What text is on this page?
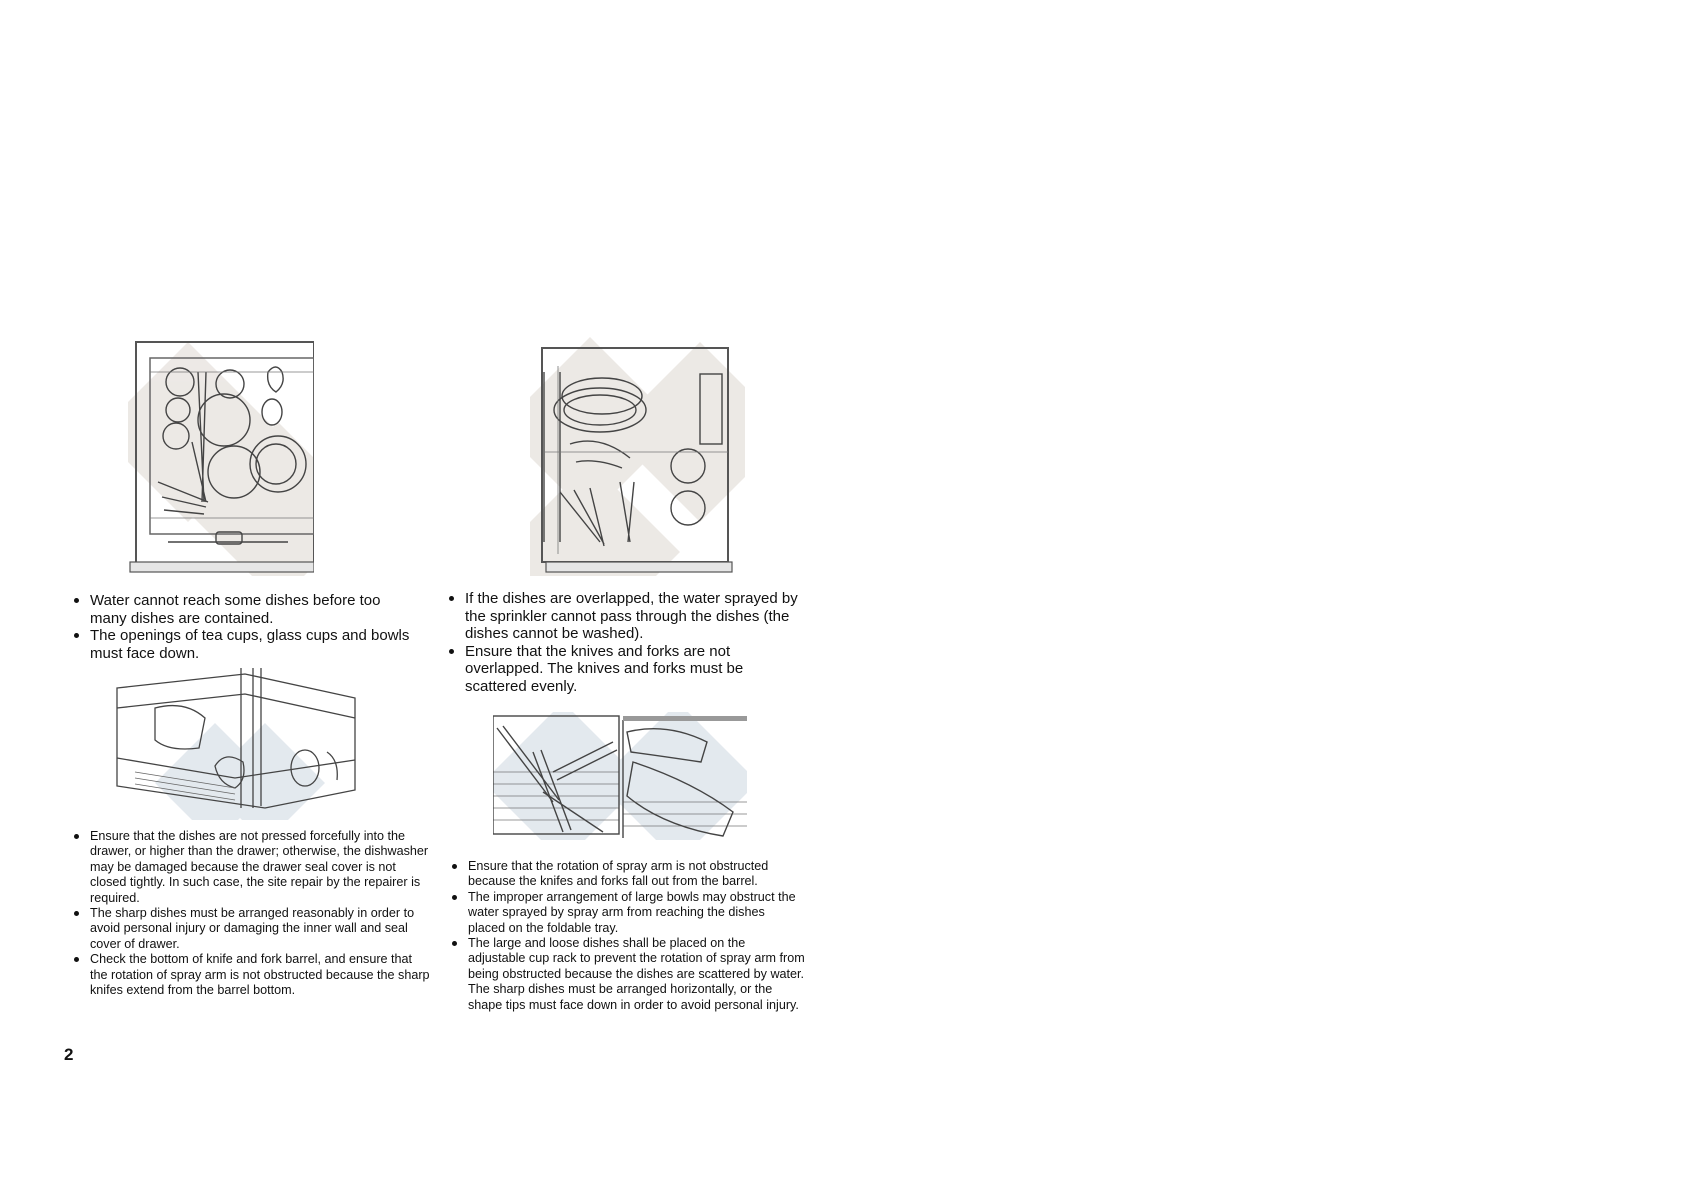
Water cannot reach some dishes before too many dishes are contained.
The openings of tea cups, glass cups and bowls must face down.
If the dishes are overlapped, the water sprayed by the sprinkler cannot pass through the dishes (the dishes cannot be washed).
Ensure that the knives and forks are not overlapped. The knives and forks must be scattered evenly.
Ensure that the dishes are not pressed forcefully into the drawer, or higher than the drawer; otherwise, the dishwasher may be damaged because the drawer seal cover is not closed tightly. In such case, the site repair by the repairer is required.
The sharp dishes must be arranged reasonably in order to avoid personal injury or damaging the inner wall and seal cover of drawer.
Check the bottom of knife and fork barrel, and ensure that the rotation of spray arm is not obstructed because the sharp knifes extend from the barrel bottom.
Ensure that the rotation of spray arm is not obstructed because the knifes and forks fall out from the barrel.
The improper arrangement of large bowls may obstruct the water sprayed by spray arm from reaching the dishes placed on the foldable tray.
The large and loose dishes shall be placed on the adjustable cup rack to prevent the rotation of spray arm from being obstructed because the dishes are scattered by water. The sharp dishes must be arranged horizontally, or the shape tips must face down in order to avoid personal injury.
2
